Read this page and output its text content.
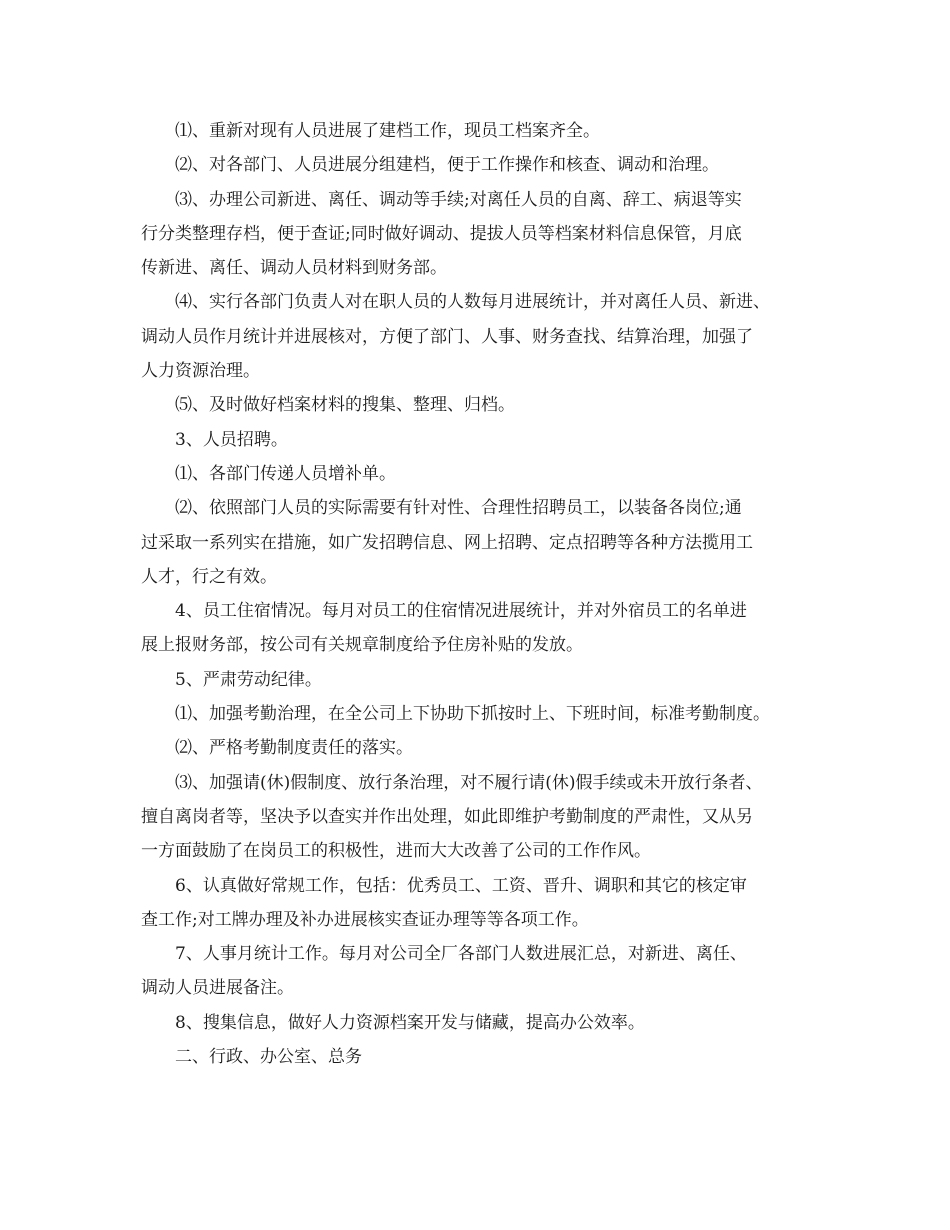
⑴、重新对现有人员进展了建档工作，现员工档案齐全。
⑵、对各部门、人员进展分组建档，便于工作操作和核查、调动和治理。
⑶、办理公司新进、离任、调动等手续;对离任人员的自离、辞工、病退等实
行分类整理存档，便于查证;同时做好调动、提拔人员等档案材料信息保管，月底
传新进、离任、调动人员材料到财务部。
⑷、实行各部门负责人对在职人员的人数每月进展统计，并对离任人员、新进、
调动人员作月统计并进展核对，方便了部门、人事、财务查找、结算治理，加强了
人力资源治理。
⑸、及时做好档案材料的搜集、整理、归档。
3、人员招聘。
⑴、各部门传递人员增补单。
⑵、依照部门人员的实际需要有针对性、合理性招聘员工，以装备各岗位;通
过采取一系列实在措施，如广发招聘信息、网上招聘、定点招聘等各种方法揽用工
人才，行之有效。
4、员工住宿情况。每月对员工的住宿情况进展统计，并对外宿员工的名单进
展上报财务部，按公司有关规章制度给予住房补贴的发放。
5、严肃劳动纪律。
⑴、加强考勤治理，在全公司上下协助下抓按时上、下班时间，标准考勤制度。
⑵、严格考勤制度责任的落实。
⑶、加强请(休)假制度、放行条治理，对不履行请(休)假手续或未开放行条者、
擅自离岗者等，坚决予以查实并作出处理，如此即维护考勤制度的严肃性，又从另
一方面鼓励了在岗员工的积极性，进而大大改善了公司的工作作风。
6、认真做好常规工作，包括：优秀员工、工资、晋升、调职和其它的核定审
查工作;对工牌办理及补办进展核实查证办理等等各项工作。
7、人事月统计工作。每月对公司全厂各部门人数进展汇总，对新进、离任、
调动人员进展备注。
8、搜集信息，做好人力资源档案开发与储藏，提高办公效率。
二、行政、办公室、总务
